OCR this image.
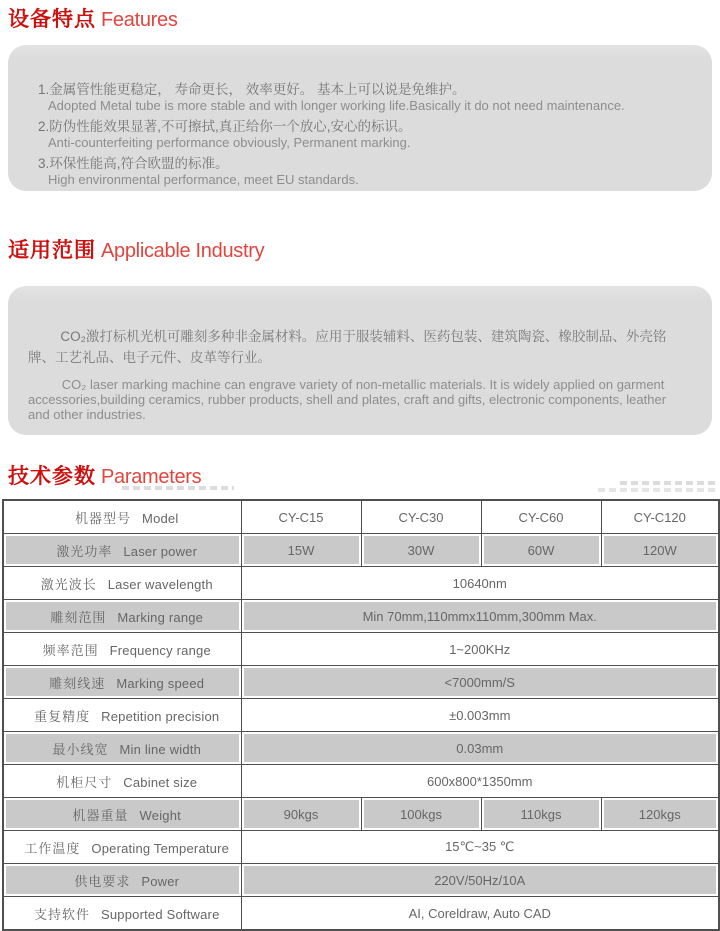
设备特点 Features
1.金属管性能更稳定， 寿命更长， 效率更好。 基本上可以说是免维护。
Adopted Metal tube is more stable and with longer working life.Basically it do not need maintenance.
2.防伪性能效果显著,不可擦拭,真正给你一个放心,安心的标识。
Anti-counterfeiting performance obviously, Permanent marking.
3.环保性能高,符合欧盟的标准。
High environmental performance, meet EU standards.
适用范围 Applicable Industry

CO₂激打标机光机可雕刻多种非金属材料。应用于服装辅料、医药包装、建筑陶瓷、橡胶制品、外壳铭牌、工艺礼品、电子元件、皮革等行业。

CO₂ laser marking machine can engrave variety of non-metallic materials. It is widely applied on garment accessories,building ceramics, rubber products, shell and plates, craft and gifts, electronic components, leather and other industries.

技术参数 Parameters
机器型号 Model	CY-C15	CY-C30	CY-C60	CY-C120
激光功率 Laser power	15W	30W	60W	120W
激光波长 Laser wavelength	10640nm			
雕刻范围 Marking range	Min 70mm,110mmx110mm,300mm Max.			
频率范围 Frequency range	1~200KHz			
雕刻线速 Marking speed	<7000mm/S			
重复精度 Repetition precision	±0.003mm			
最小线宽 Min line width	0.03mm			
机柜尺寸 Cabinet size	600x800*1350mm			
机器重量 Weight	90kgs	100kgs	110kgs	120kgs
工作温度 Operating Temperature	15℃~35 ℃			
供电要求 Power	220V/50Hz/10A			
支持软件 Supported Software	AI, Coreldraw, Auto CAD			
